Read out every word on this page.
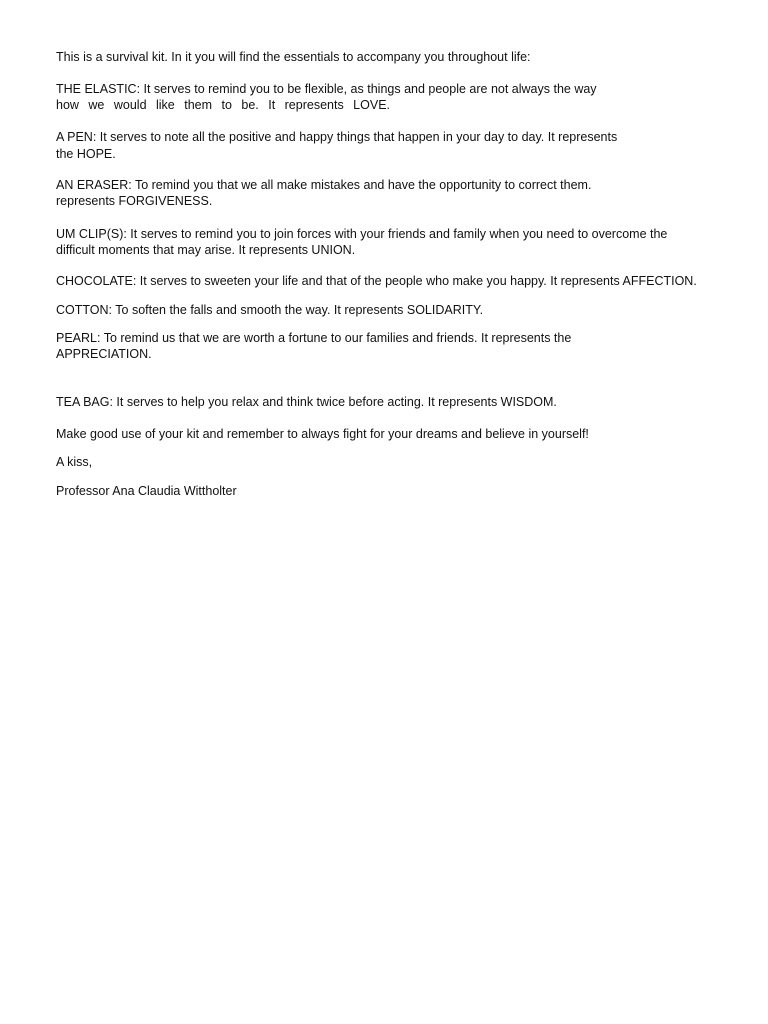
This is a survival kit. In it you will find the essentials to accompany you throughout life:

THE ELASTIC: It serves to remind you to be flexible, as things and people are not always the way

how we would like them to be. It represents LOVE.

A PEN: It serves to note all the positive and happy things that happen in your day to day. It represents

the HOPE.

AN ERASER: To remind you that we all make mistakes and have the opportunity to correct them.

represents FORGIVENESS.

UM CLIP(S): It serves to remind you to join forces with your friends and family when you need to overcome the

difficult moments that may arise. It represents UNION.

CHOCOLATE: It serves to sweeten your life and that of the people who make you happy. It represents AFFECTION.

COTTON: To soften the falls and smooth the way. It represents SOLIDARITY.

PEARL: To remind us that we are worth a fortune to our families and friends. It represents the

APPRECIATION.

TEA BAG: It serves to help you relax and think twice before acting. It represents WISDOM.

Make good use of your kit and remember to always fight for your dreams and believe in yourself!

A kiss,

Professor Ana Claudia Wittholter
